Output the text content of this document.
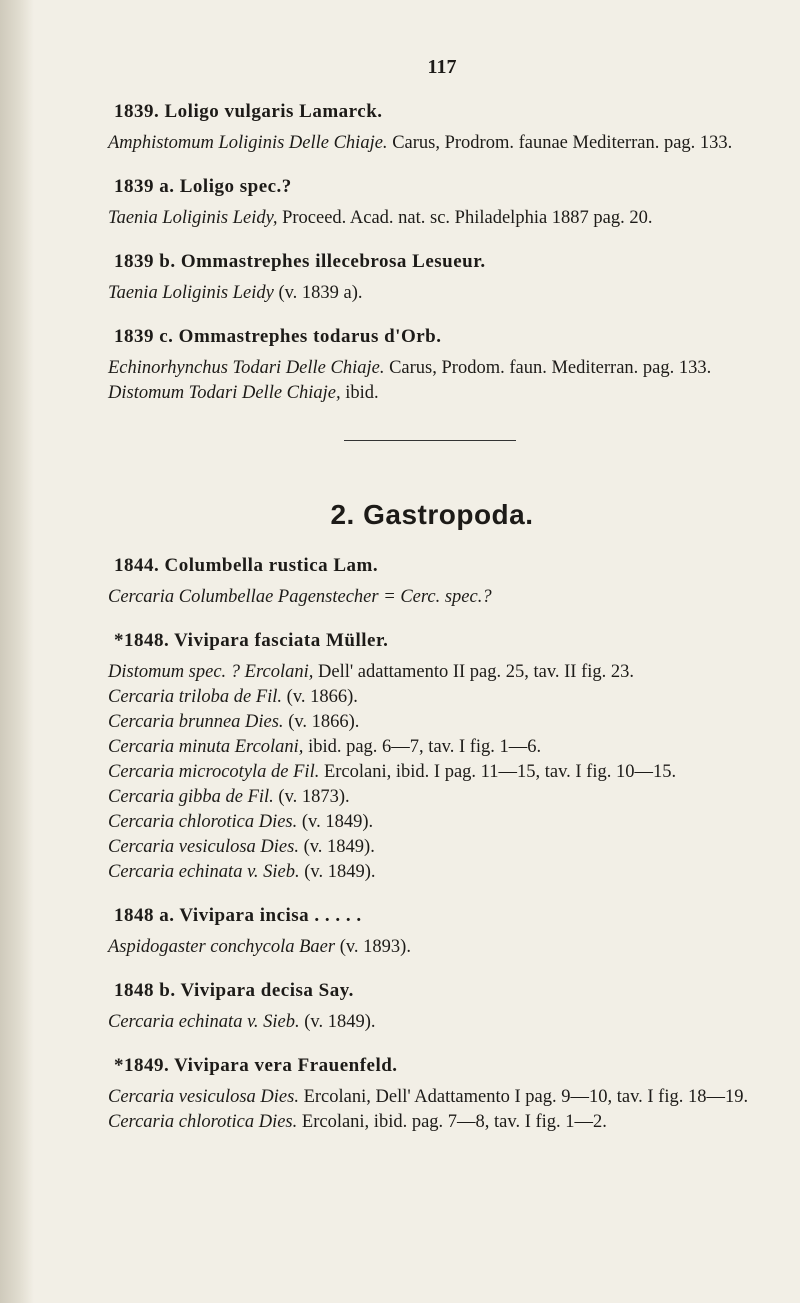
117
1839. Loligo vulgaris Lamarck.

Amphistomum Loliginis Delle Chiaje. Carus, Prodrom. faunae Mediterran. pag. 133.

1839 a. Loligo spec.?

Taenia Loliginis Leidy, Proceed. Acad. nat. sc. Philadelphia 1887 pag. 20.

1839 b. Ommastrephes illecebrosa Lesueur.

Taenia Loliginis Leidy (v. 1839 a).

1839 c. Ommastrephes todarus d'Orb.

Echinorhynchus Todari Delle Chiaje. Carus, Prodom. faun. Mediterran. pag. 133.

Distomum Todari Delle Chiaje, ibid.

2. Gastropoda.
1844. Columbella rustica Lam.

Cercaria Columbellae Pagenstecher = Cerc. spec.?

*1848. Vivipara fasciata Müller.

Distomum spec. ? Ercolani, Dell' adattamento II pag. 25, tav. II fig. 23.

Cercaria triloba de Fil. (v. 1866).

Cercaria brunnea Dies. (v. 1866).

Cercaria minuta Ercolani, ibid. pag. 6—7, tav. I fig. 1—6.

Cercaria microcotyla de Fil. Ercolani, ibid. I pag. 11—15, tav. I fig. 10—15.

Cercaria gibba de Fil. (v. 1873).

Cercaria chlorotica Dies. (v. 1849).

Cercaria vesiculosa Dies. (v. 1849).

Cercaria echinata v. Sieb. (v. 1849).

1848 a. Vivipara incisa . . . . .

Aspidogaster conchycola Baer (v. 1893).

1848 b. Vivipara decisa Say.

Cercaria echinata v. Sieb. (v. 1849).

*1849. Vivipara vera Frauenfeld.

Cercaria vesiculosa Dies. Ercolani, Dell' Adattamento I pag. 9—10, tav. I fig. 18—19.

Cercaria chlorotica Dies. Ercolani, ibid. pag. 7—8, tav. I fig. 1—2.
